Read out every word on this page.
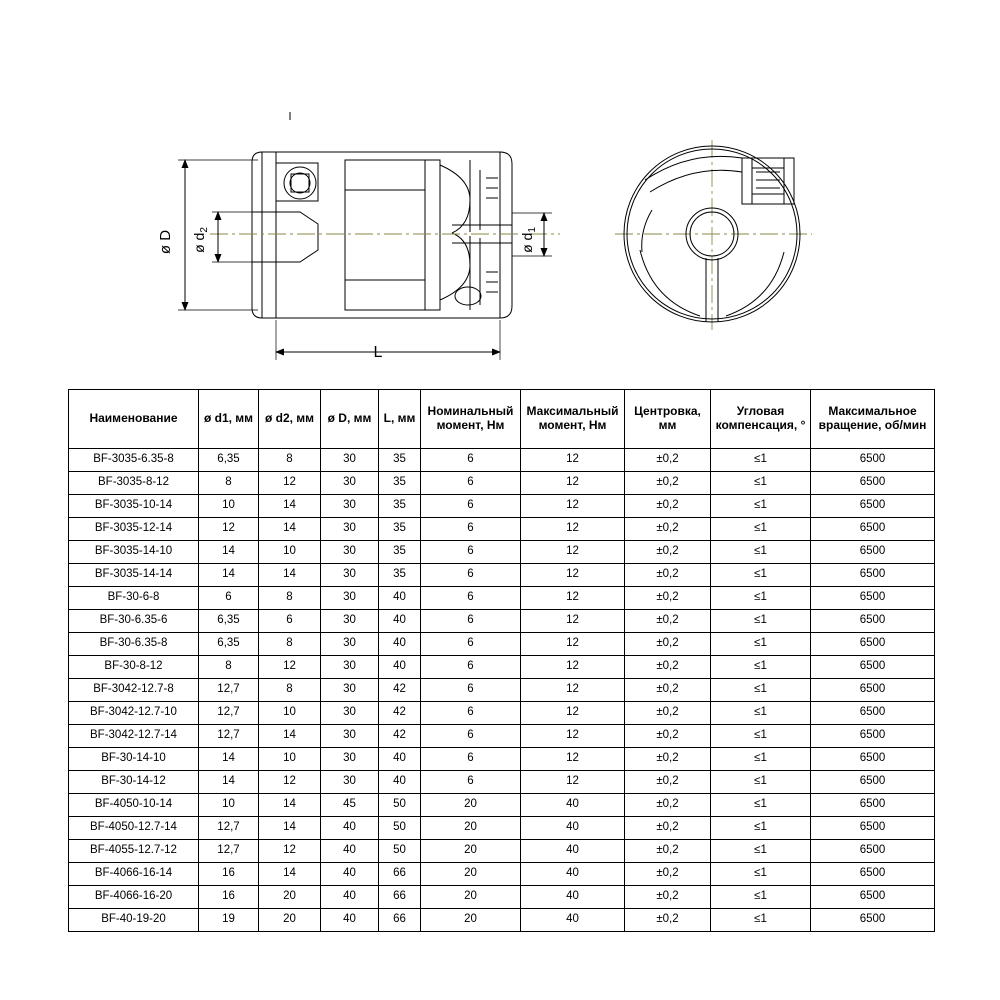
ø D ø $d_2$
ø $d_1$
L
Наименование	ø d1, мм	ø d2, мм	ø D, мм	L, мм	Номинальный момент, Нм	Максимальный момент, Нм	Центровка, мм	Угловая компенсация, °	Максимальное вращение, об/мин
BF-3035-6.35-8	6,35	8	30	35	6	12	±0,2	≤1	6500
BF-3035-8-12	8	12	30	35	6	12	±0,2	≤1	6500
BF-3035-10-14	10	14	30	35	6	12	±0,2	≤1	6500
BF-3035-12-14	12	14	30	35	6	12	±0,2	≤1	6500
BF-3035-14-10	14	10	30	35	6	12	±0,2	≤1	6500
BF-3035-14-14	14	14	30	35	6	12	±0,2	≤1	6500
BF-30-6-8	6	8	30	40	6	12	±0,2	≤1	6500
BF-30-6.35-6	6,35	6	30	40	6	12	±0,2	≤1	6500
BF-30-6.35-8	6,35	8	30	40	6	12	±0,2	≤1	6500
BF-30-8-12	8	12	30	40	6	12	±0,2	≤1	6500
BF-3042-12.7-8	12,7	8	30	42	6	12	±0,2	≤1	6500
BF-3042-12.7-10	12,7	10	30	42	6	12	±0,2	≤1	6500
BF-3042-12.7-14	12,7	14	30	42	6	12	±0,2	≤1	6500
BF-30-14-10	14	10	30	40	6	12	±0,2	≤1	6500
BF-30-14-12	14	12	30	40	6	12	±0,2	≤1	6500
BF-4050-10-14	10	14	45	50	20	40	±0,2	≤1	6500
BF-4050-12.7-14	12,7	14	40	50	20	40	±0,2	≤1	6500
BF-4055-12.7-12	12,7	12	40	50	20	40	±0,2	≤1	6500
BF-4066-16-14	16	14	40	66	20	40	±0,2	≤1	6500
BF-4066-16-20	16	20	40	66	20	40	±0,2	≤1	6500
BF-40-19-20	19	20	40	66	20	40	±0,2	≤1	6500
